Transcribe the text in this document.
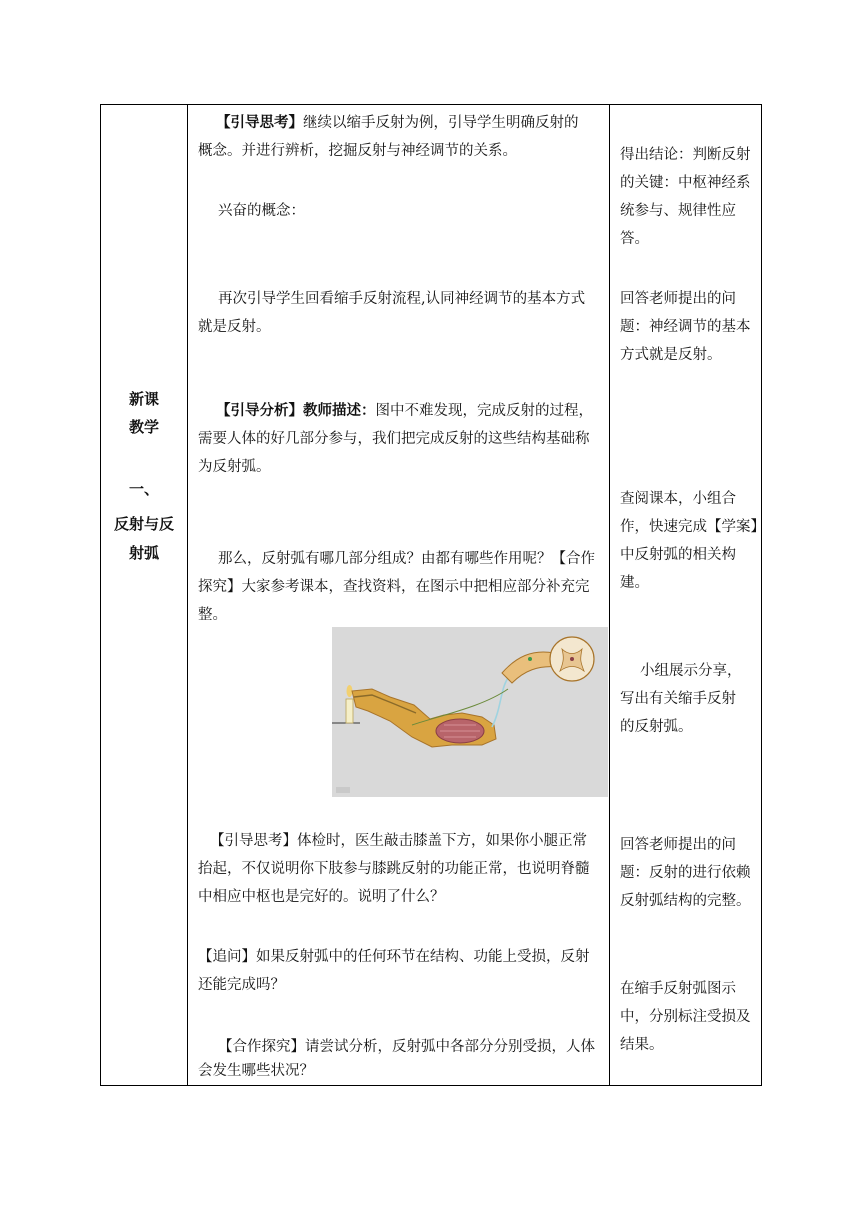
新课
教学
一、
反射与反
射弧
【引导思考】继续以缩手反射为例，引导学生明确反射的
概念。并进行辨析，挖掘反射与神经调节的关系。
兴奋的概念：
再次引导学生回看缩手反射流程,认同神经调节的基本方式
就是反射。
【引导分析】教师描述：图中不难发现，完成反射的过程，
需要人体的好几部分参与，我们把完成反射的这些结构基础称
为反射弧。
那么，反射弧有哪几部分组成？由都有哪些作用呢？【合作
探究】大家参考课本，查找资料，在图示中把相应部分补充完
整。
【引导思考】体检时，医生敲击膝盖下方，如果你小腿正常
抬起，不仅说明你下肢参与膝跳反射的功能正常，也说明脊髓
中相应中枢也是完好的。说明了什么？
【追问】如果反射弧中的任何环节在结构、功能上受损，反射
还能完成吗？
【合作探究】请尝试分析，反射弧中各部分分别受损，人体
会发生哪些状况？
得出结论：判断反射
的关键：中枢神经系
统参与、规律性应
答。
回答老师提出的问
题：神经调节的基本
方式就是反射。
查阅课本，小组合
作，快速完成【学案】
中反射弧的相关构
建。
小组展示分享，
写出有关缩手反射
的反射弧。
回答老师提出的问
题：反射的进行依赖
反射弧结构的完整。
在缩手反射弧图示
中，分别标注受损及
结果。
